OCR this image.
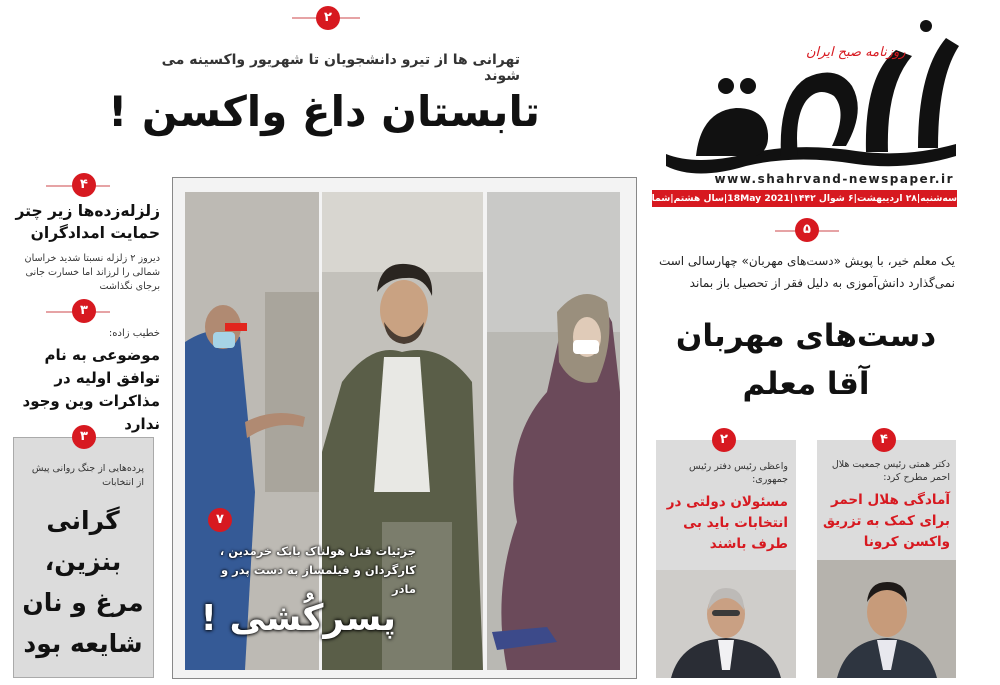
روزنامه صبح ایران
www.shahrvand-newspaper.ir
سه‌شنبه|۲۸ اردیبهشت|۶ شوال ۱۴۴۲|18May 2021|سال هشتم|شماره
۲
تهرانی ها از تیرو دانشجویان تا شهریور واکسینه می شوند
تابستان داغ واکسن !
۴
زلزله‌زده‌ها زیر چتر حمایت امدادگران
دیروز ۲ زلزله نسبتا شدید خراسان شمالی را لرزاند اما خسارت جانی برجای نگذاشت
۳
خطیب زاده:
موضوعی به نام توافق اولیه در مذاکرات وین وجود ندارد
۳
پرده‌هایی از جنگ روانی پیش از انتخابات
گرانی بنزین، مرغ و نان شایعه بود
۷
جزئیات قتل هولناک بابک خرمدین ، کارگردان و فیلمساز به دست پدر و مادر
پسرکُشی !
۵
یک معلم خیر، با پویش «دست‌های مهربان» چهارسالی است نمی‌گذارد دانش‌آموزی به دلیل فقر از تحصیل باز بماند
دست‌های مهربان آقا معلم
۴
دکتر همتی رئیس جمعیت هلال احمر مطرح کرد:
آمادگی هلال احمر برای کمک به تزریق واکسن کرونا
۲
واعظی رئیس دفتر رئیس جمهوری:
مسئولان دولتی در انتخابات باید بی طرف باشند
